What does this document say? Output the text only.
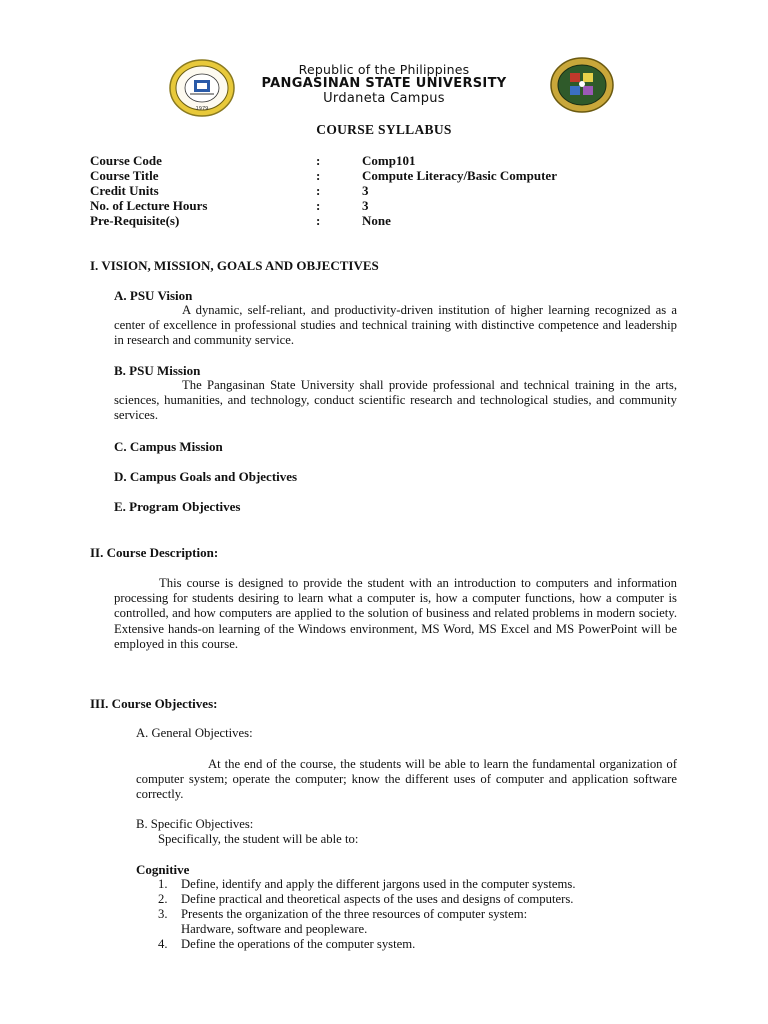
1979
Republic of the Philippines
PANGASINAN STATE UNIVERSITY
Urdaneta Campus
COURSE SYLLABUS
Course Code	:	Comp101
Course Title	:	Compute Literacy/Basic Computer
Credit Units	:	3
No. of Lecture Hours	:	3
Pre-Requisite(s)	:	None
I. VISION, MISSION, GOALS AND OBJECTIVES
A. PSU Vision
A dynamic, self-reliant, and productivity-driven institution of higher learning recognized as a center of excellence in professional studies and technical training with distinctive competence and leadership in research and community service.
B. PSU Mission
The Pangasinan State University shall provide professional and technical training in the arts, sciences, humanities, and technology, conduct scientific research and technological studies, and community services.
C. Campus Mission
D. Campus Goals and Objectives
E. Program Objectives
II. Course Description:
This course is designed to provide the student with an introduction to computers and information processing for students desiring to learn what a computer is, how a computer functions, how a computer is controlled, and how computers are applied to the solution of business and related problems in modern society. Extensive hands-on learning of the Windows environment, MS Word, MS Excel and MS PowerPoint will be employed in this course.
III. Course Objectives:
A. General Objectives:
At the end of the course, the students will be able to learn the fundamental organization of computer system; operate the computer; know the different uses of computer and application software correctly.
B. Specific Objectives:
Specifically, the student will be able to:
Cognitive
1. Define, identify and apply the different jargons used in the computer systems.
2. Define practical and theoretical aspects of the uses and designs of computers.
3. Presents the organization of the three resources of computer system:
Hardware, software and peopleware.
4. Define the operations of the computer system.
